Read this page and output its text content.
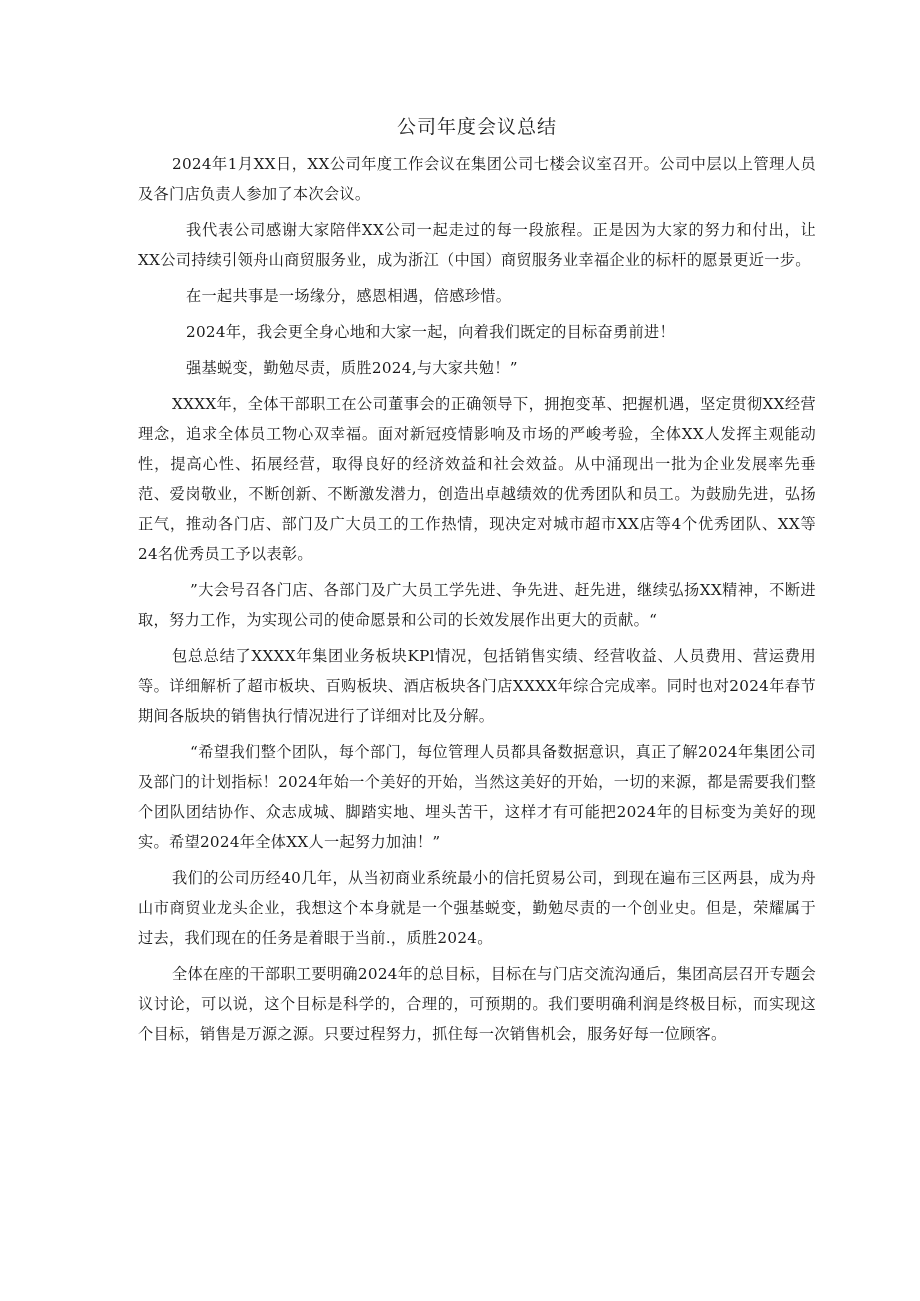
公司年度会议总结

2024年1月XX日，XX公司年度工作会议在集团公司七楼会议室召开。公司中层以上管理人员及各门店负责人参加了本次会议。

我代表公司感谢大家陪伴XX公司一起走过的每一段旅程。正是因为大家的努力和付出，让XX公司持续引领舟山商贸服务业，成为浙江（中国）商贸服务业幸福企业的标杆的愿景更近一步。

在一起共事是一场缘分，感恩相遇，倍感珍惜。

2024年，我会更全身心地和大家一起，向着我们既定的目标奋勇前进！

强基蜕变，勤勉尽责，质胜2024,与大家共勉！”

XXXX年，全体干部职工在公司董事会的正确领导下，拥抱变革、把握机遇，坚定贯彻XX经营理念，追求全体员工物心双幸福。面对新冠疫情影响及市场的严峻考验，全体XX人发挥主观能动性，提高心性、拓展经营，取得良好的经济效益和社会效益。从中涌现出一批为企业发展率先垂范、爱岗敬业，不断创新、不断激发潜力，创造出卓越绩效的优秀团队和员工。为鼓励先进，弘扬正气，推动各门店、部门及广大员工的工作热情，现决定对城市超市XX店等4个优秀团队、XX等24名优秀员工予以表彰。

”大会号召各门店、各部门及广大员工学先进、争先进、赶先进，继续弘扬XX精神，不断进取，努力工作，为实现公司的使命愿景和公司的长效发展作出更大的贡献。“

包总总结了XXXX年集团业务板块KPl情况，包括销售实绩、经营收益、人员费用、营运费用等。详细解析了超市板块、百购板块、酒店板块各门店XXXX年综合完成率。同时也对2024年春节期间各版块的销售执行情况进行了详细对比及分解。

“希望我们整个团队，每个部门，每位管理人员都具备数据意识，真正了解2024年集团公司及部门的计划指标！2024年始一个美好的开始，当然这美好的开始，一切的来源，都是需要我们整个团队团结协作、众志成城、脚踏实地、埋头苦干，这样才有可能把2024年的目标变为美好的现实。希望2024年全体XX人一起努力加油！”

我们的公司历经40几年，从当初商业系统最小的信托贸易公司，到现在遍布三区两县，成为舟山市商贸业龙头企业，我想这个本身就是一个强基蜕变，勤勉尽责的一个创业史。但是，荣耀属于过去，我们现在的任务是着眼于当前.，质胜2024。

全体在座的干部职工要明确2024年的总目标，目标在与门店交流沟通后，集团高层召开专题会议讨论，可以说，这个目标是科学的，合理的，可预期的。我们要明确利润是终极目标，而实现这个目标，销售是万源之源。只要过程努力，抓住每一次销售机会，服务好每一位顾客。
